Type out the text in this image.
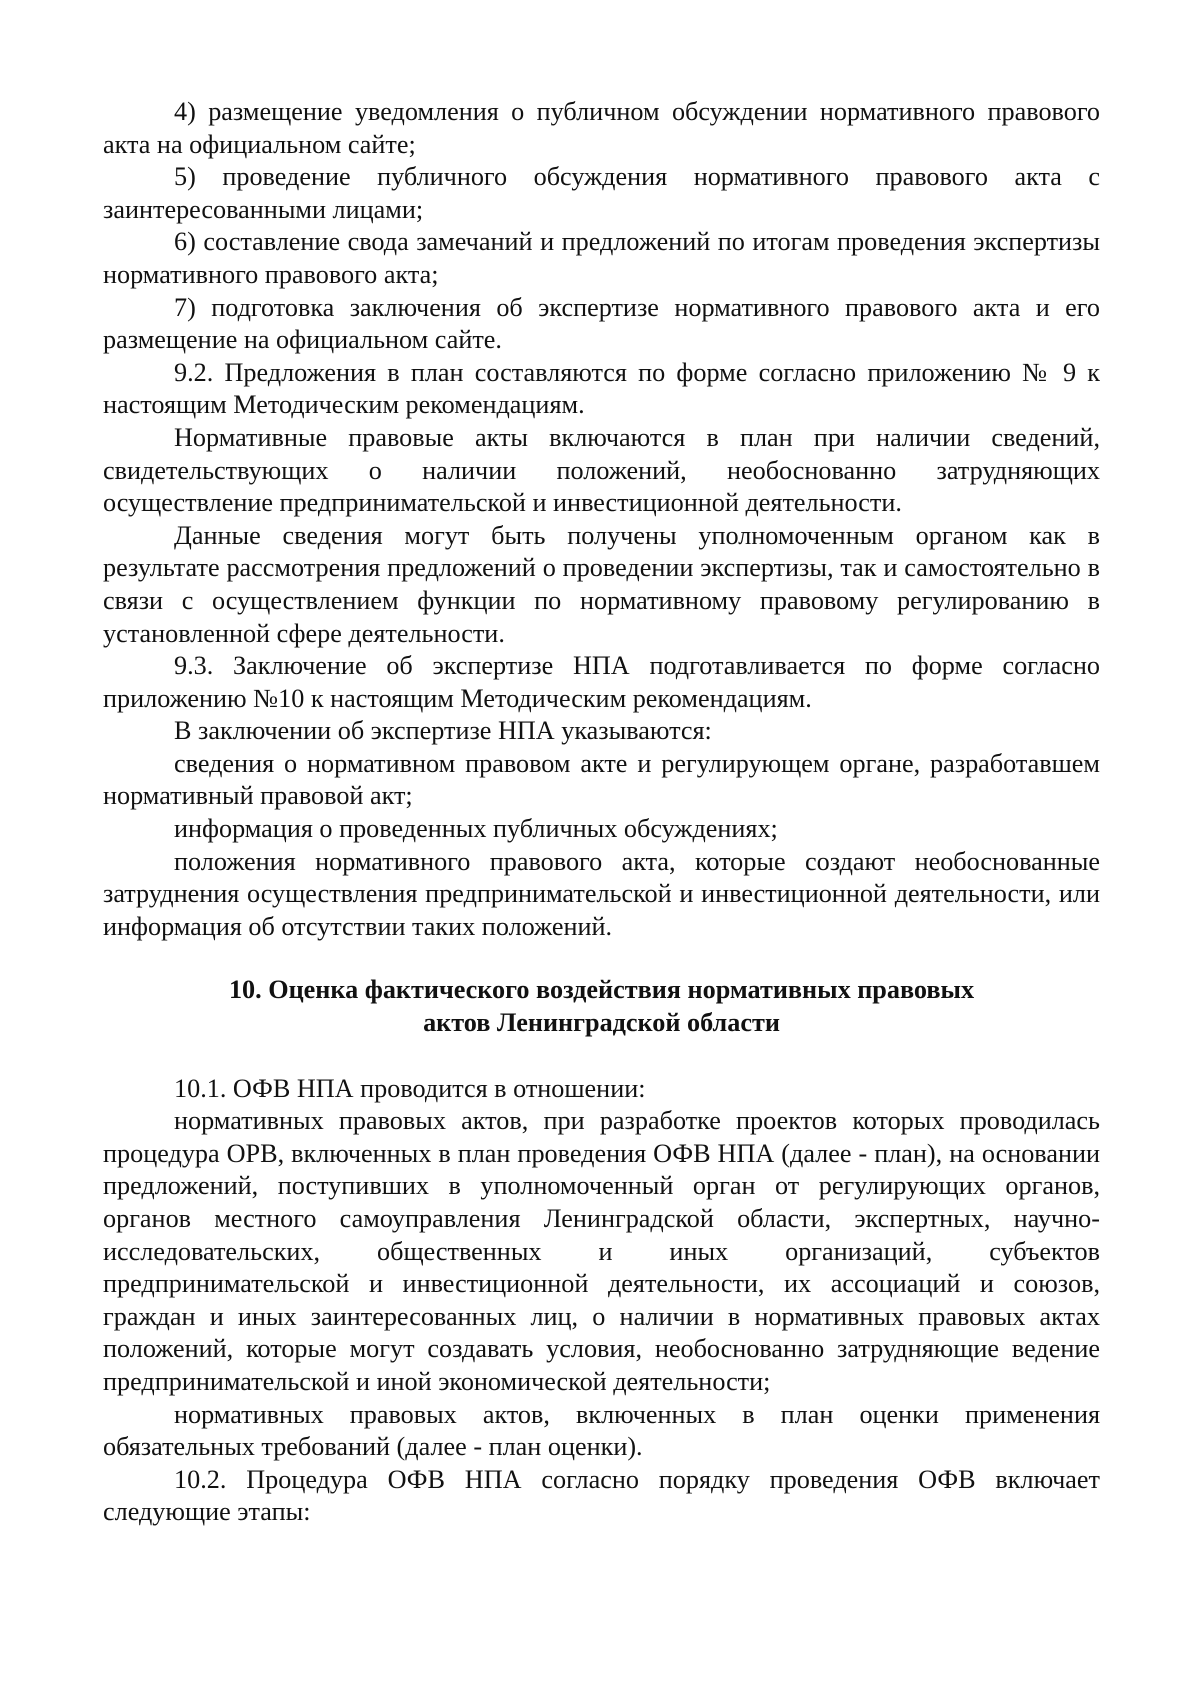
4) размещение уведомления о публичном обсуждении нормативного правового акта на официальном сайте;

5) проведение публичного обсуждения нормативного правового акта с заинтересованными лицами;

6) составление свода замечаний и предложений по итогам проведения экспертизы нормативного правового акта;

7) подготовка заключения об экспертизе нормативного правового акта и его размещение на официальном сайте.

9.2. Предложения в план составляются по форме согласно приложению № 9 к настоящим Методическим рекомендациям.

Нормативные правовые акты включаются в план при наличии сведений, свидетельствующих о наличии положений, необоснованно затрудняющих осуществление предпринимательской и инвестиционной деятельности.

Данные сведения могут быть получены уполномоченным органом как в результате рассмотрения предложений о проведении экспертизы, так и самостоятельно в связи с осуществлением функции по нормативному правовому регулированию в установленной сфере деятельности.

9.3. Заключение об экспертизе НПА подготавливается по форме согласно приложению №10 к настоящим Методическим рекомендациям.

В заключении об экспертизе НПА указываются:

сведения о нормативном правовом акте и регулирующем органе, разработавшем нормативный правовой акт;

информация о проведенных публичных обсуждениях;

положения нормативного правового акта, которые создают необоснованные затруднения осуществления предпринимательской и инвестиционной деятельности, или информация об отсутствии таких положений.

10. Оценка фактического воздействия нормативных правовых
актов Ленинградской области

10.1. ОФВ НПА проводится в отношении:

нормативных правовых актов, при разработке проектов которых проводилась процедура ОРВ, включенных в план проведения ОФВ НПА (далее - план), на основании предложений, поступивших в уполномоченный орган от регулирующих органов, органов местного самоуправления Ленинградской области, экспертных, научно-исследовательских, общественных и иных организаций, субъектов предпринимательской и инвестиционной деятельности, их ассоциаций и союзов, граждан и иных заинтересованных лиц, о наличии в нормативных правовых актах положений, которые могут создавать условия, необоснованно затрудняющие ведение предпринимательской и иной экономической деятельности;

нормативных правовых актов, включенных в план оценки применения обязательных требований (далее - план оценки).

10.2. Процедура ОФВ НПА согласно порядку проведения ОФВ включает следующие этапы:
